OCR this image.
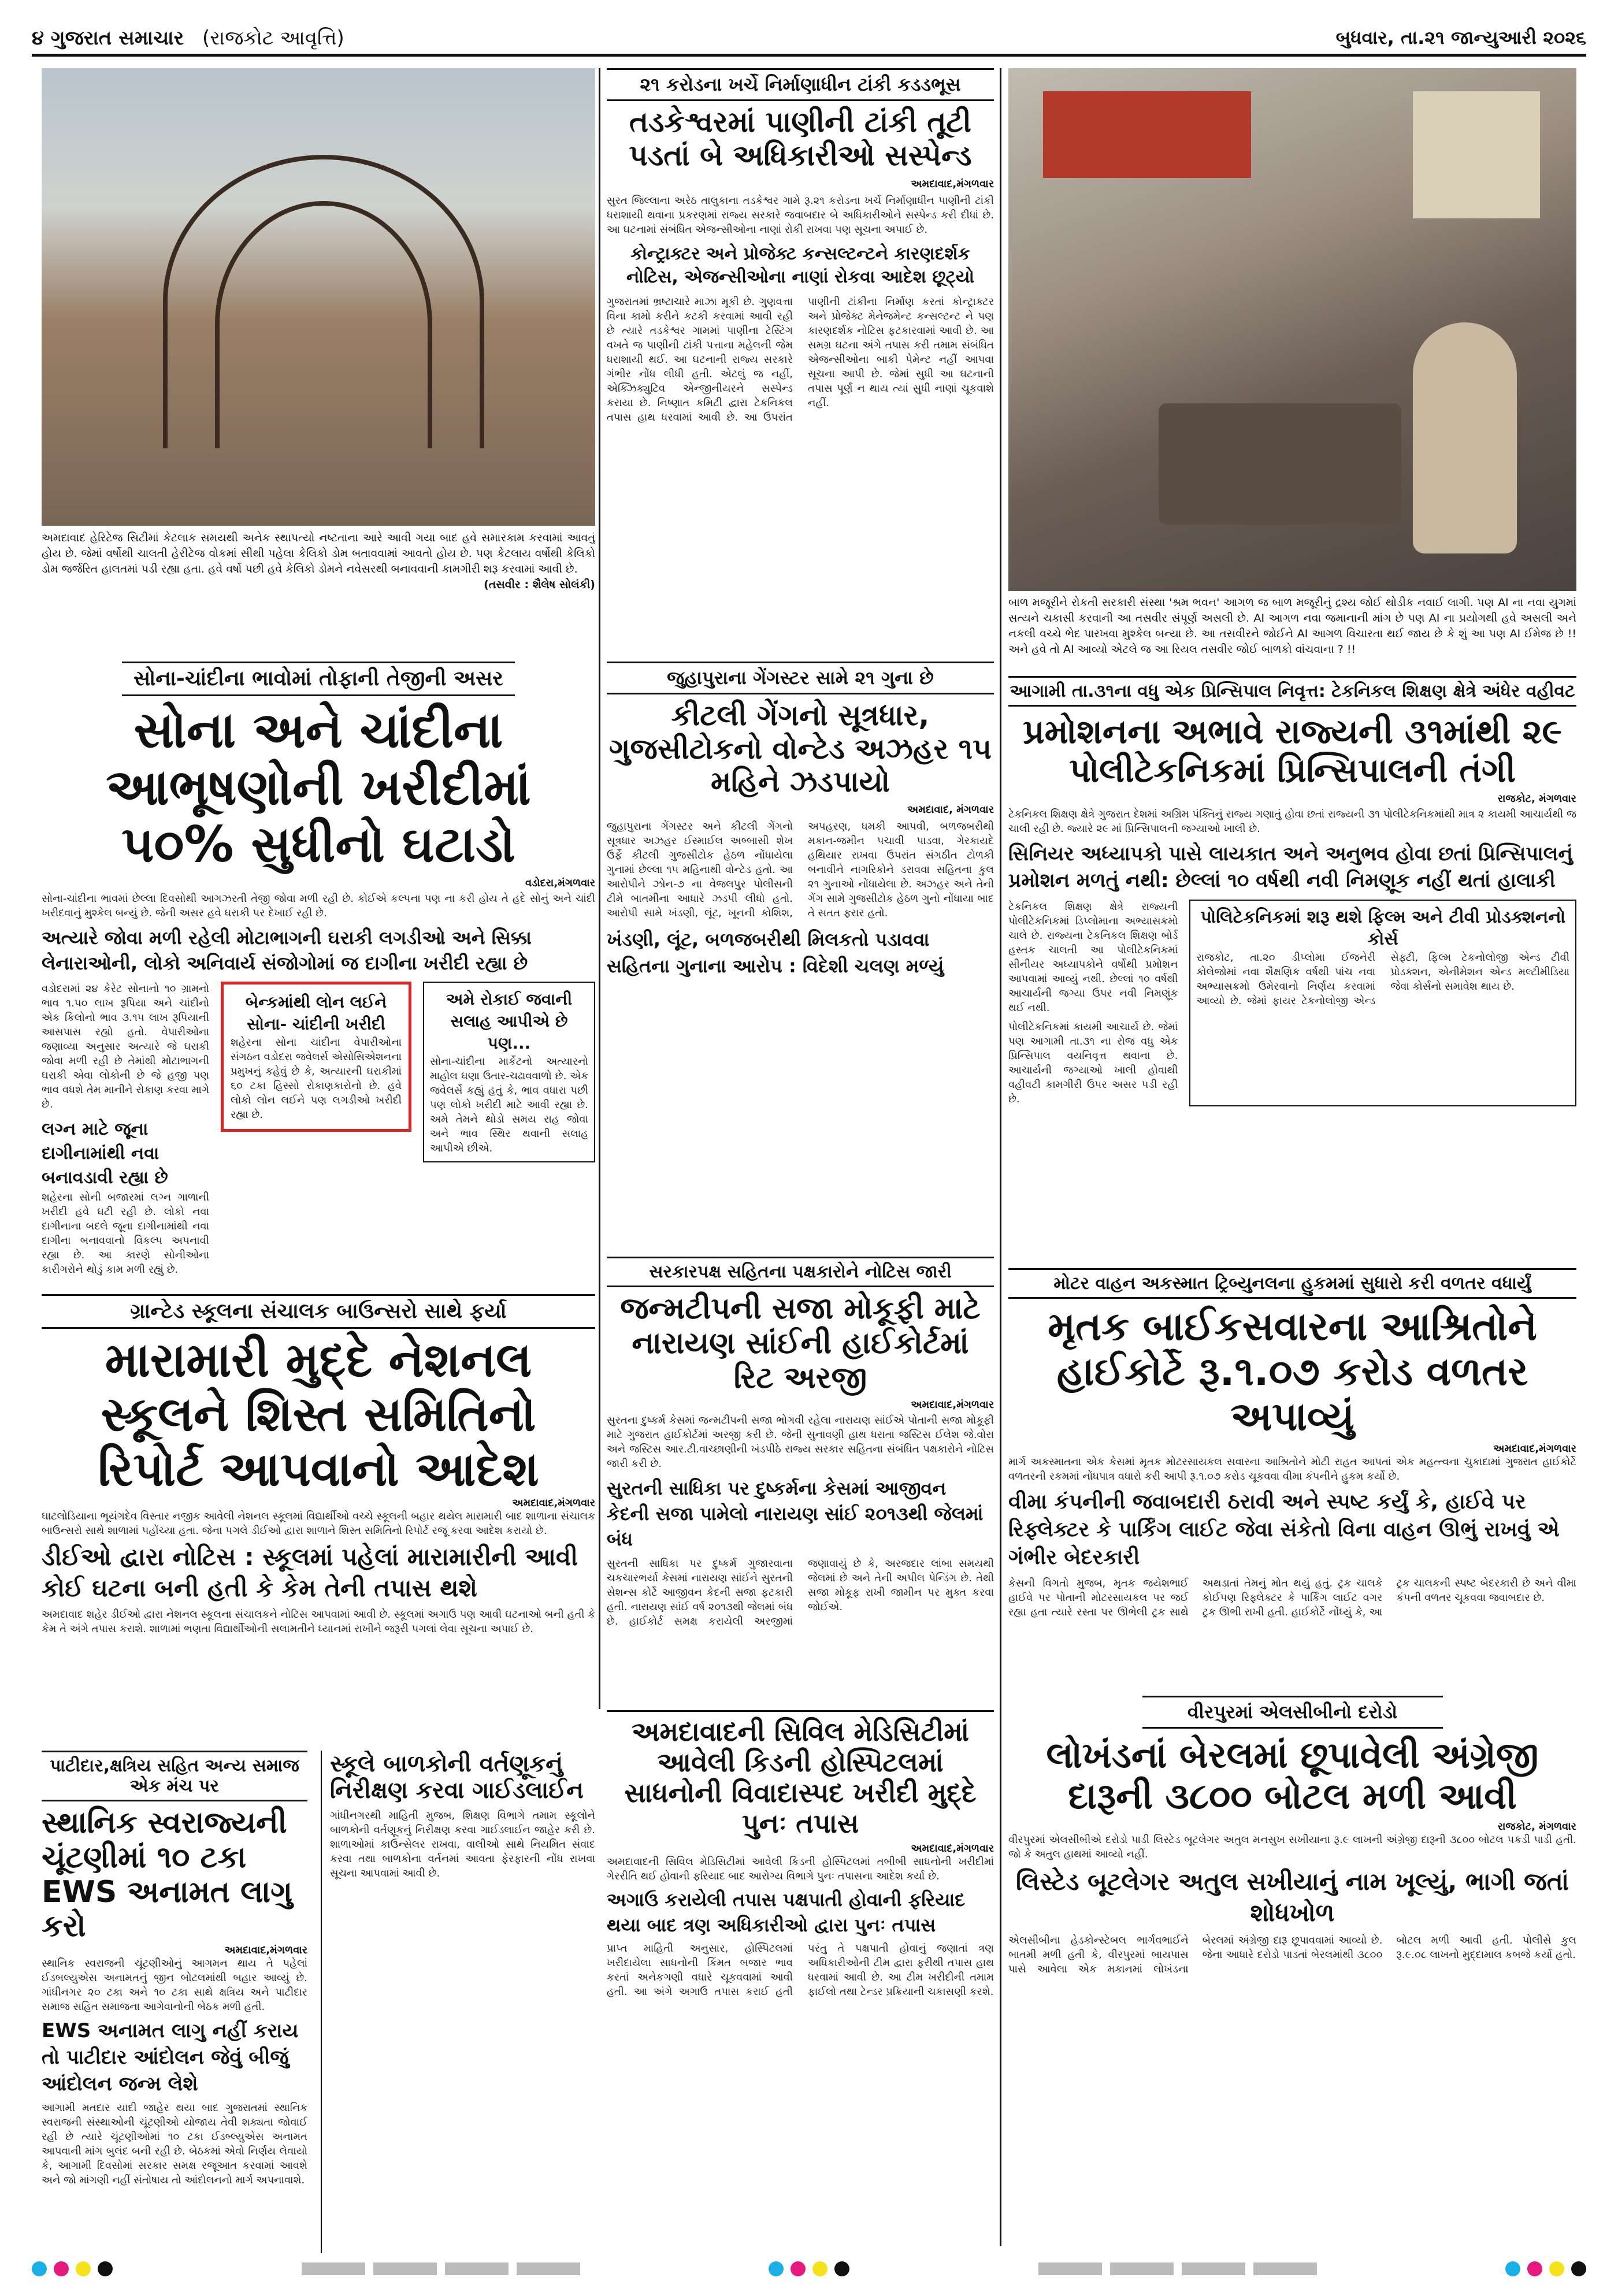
૪ ગુજરાત સમાચાર (રાજકોટ આવૃત્તિ)	બુધવાર, તા.૨૧ જાન્યુઆરી ૨૦૨૬
અમદાવાદ હેરિટેજ સિટીમાં કેટલાક સમયથી અનેક સ્થાપત્યો નષ્ટતાના આરે આવી ગયા બાદ હવે સમારકામ કરવામાં આવતું હોય છે. જેમાં વર્ષોથી ચાલતી હેરીટેજ વોકમાં સીથી પહેલા કેલિકો ડોમ બતાવવામાં આવતો હોય છે. પણ કેટલાય વર્ષોથી કેલિકો ડોમ જર્જરિત હાલતમાં પડી રહ્યા હતા. હવે વર્ષો પછી હવે કેલિકો ડોમને નવેસરથી બનાવવાની કામગીરી શરૂ કરવામાં આવી છે.
(તસવીર : શૈલેષ સોલંકી)
૨૧ કરોડના ખર્ચે નિર્માણાધીન ટાંકી કડડભૂસ
તડકેશ્વરમાં પાણીની ટાંકી તૂટી પડતાં બે અધિકારીઓ સસ્પેન્ડ
અમદાવાદ,મંગળવાર
સુરત જિલ્લાના અરેઠ તાલુકાના તડકેશ્વર ગામે રૂ.૨૧ કરોડના ખર્ચે નિર્માણાધીન પાણીની ટાંકી ધરાશાયી થવાના પ્રકરણમાં રાજ્ય સરકારે જવાબદાર બે અધિકારીઓને સસ્પેન્ડ કરી દીધાં છે. આ ઘટનામાં સંબંધિત એજન્સીઓના નાણાં રોકી રાખવા પણ સૂચના અપાઈ છે.
કોન્ટ્રાક્ટર અને પ્રોજેક્ટ કન્સલ્ટન્ટને કારણદર્શક નોટિસ, એજન્સીઓના નાણાં રોકવા આદેશ છૂટ્યો
ગુજરાતમાં ભ્રષ્ટાચારે માઝા મૂકી છે. ગુણવત્તા વિના કામો કરીને કટકી કરવામાં આવી રહી છે ત્યારે તડકેશ્વર ગામમાં પાણીના ટેસ્ટિંગ વખતે જ પાણીની ટાંકી પત્તાના મહેલની જેમ ધરાશાયી થઈ. આ ઘટનાની રાજ્ય સરકારે ગંભીર નોંધ લીધી હતી. એટલું જ નહીં, એક્ઝિક્યુટિવ એન્જીનીયરને સસ્પેન્ડ કરાયા છે. નિષ્ણાત કમિટી દ્વારા ટેકનિકલ તપાસ હાથ ધરવામાં આવી છે. આ ઉપરાંત પાણીની ટાંકીના નિર્માણ કરતાં કોન્ટ્રાક્ટર અને પ્રોજેક્ટ મેનેજમેન્ટ કન્સલ્ટન્ટ ને પણ કારણદર્શક નોટિસ ફટકારવામાં આવી છે. આ સમગ્ર ઘટના અંગે તપાસ કરી તમામ સંબંધિત એજન્સીઓના બાકી પેમેન્ટ નહીં આપવા સૂચના આપી છે. જેમાં સુધી આ ઘટનાની તપાસ પૂર્ણ ન થાય ત્યાં સુધી નાણાં ચૂકવાશે નહીં.
બાળ મજૂરીને રોકતી સરકારી સંસ્થા 'શ્રમ ભવન' આગળ જ બાળ મજૂરીનું દ્રશ્ય જોઈ થોડીક નવાઈ લાગી. પણ AI ના નવા યુગમાં સત્યને ચકાસી કરવાની આ તસવીર સંપૂર્ણ અસલી છે. AI આગળ નવા જમાનાની માંગ છે પણ AI ના પ્રયોગથી હવે અસલી અને નકલી વચ્ચે ભેદ પારખવા મુશ્કેલ બન્યા છે. આ તસવીરને જોઈને AI આગળ વિચારતા થઈ જાય છે કે શું આ પણ AI ઈમેજ છે !! અને હવે તો AI આવ્યો એટલે જ આ રિયલ તસવીર જોઈ બાળકો વાંચવાના ? !!
સોના-ચાંદીના ભાવોમાં તોફાની તેજીની અસર
સોના અને ચાંદીના આભૂષણોની ખરીદીમાં ૫૦% સુધીનો ઘટાડો
વડોદરા,મંગળવાર
સોના-ચાંદીના ભાવમાં છેલ્લા દિવસોથી આગઝરતી તેજી જોવા મળી રહી છે. કોઈએ કલ્પના પણ ના કરી હોય તે હદે સોનું અને ચાંદી ખરીદવાનું મુશ્કેલ બન્યું છે. જેની અસર હવે ઘરાકી પર દેખાઈ રહી છે.
અત્યારે જોવા મળી રહેલી મોટાભાગની ઘરાકી લગડીઓ અને સિક્કા લેનારાઓની, લોકો અનિવાર્ય સંજોગોમાં જ દાગીના ખરીદી રહ્યા છે
વડોદરામાં ૨૪ કેરેટ સોનાનો ૧૦ ગ્રામનો ભાવ ૧.૫૦ લાખ રૂપિયા અને ચાંદીનો એક કિલોનો ભાવ ૩.૧૫ લાખ રૂપિયાની આસપાસ રહ્યો હતો. વેપારીઓના જણાવ્યા અનુસાર અત્યારે જે ઘરાકી જોવા મળી રહી છે તેમાંથી મોટાભાગની ઘરાકી એવા લોકોની છે જે હજી પણ ભાવ વધશે તેમ માનીને રોકાણ કરવા માગે છે.
લગ્ન માટે જૂના દાગીનામાંથી નવા બનાવડાવી રહ્યા છે
શહેરના સોની બજારમાં લગ્ન ગાળાની ખરીદી હવે ઘટી રહી છે. લોકો નવા દાગીનાના બદલે જૂના દાગીનામાંથી નવા દાગીના બનાવવાનો વિકલ્પ અપનાવી રહ્યા છે. આ કારણે સોનીઓના કારીગરોને થોડું કામ મળી રહ્યું છે.
બેન્કમાંથી લોન લઈને સોના- ચાંદીની ખરીદી
શહેરના સોના ચાંદીના વેપારીઓના સંગઠન વડોદરા જવેલર્સ એસોસિએશનના પ્રમુખનું કહેવું છે કે, અત્યારની ઘરાકીમાં ૬૦ ટકા હિસ્સો રોકાણકારોનો છે. હવે લોકો લોન લઈને પણ લગડીઓ ખરીદી રહ્યા છે.
અમે રોકાઈ જવાની સલાહ આપીએ છે પણ...
સોના-ચાંદીના માર્કેટનો અત્યારનો માહોલ ઘણા ઉતાર-ચઢાવવાળો છે. એક જવેલર્સે કહ્યું હતું કે, ભાવ વધારા પછી પણ લોકો ખરીદી માટે આવી રહ્યા છે. અમે તેમને થોડો સમય રાહ જોવા અને ભાવ સ્થિર થવાની સલાહ આપીએ છીએ.
જુહાપુરાના ગેંગસ્ટર સામે ૨૧ ગુના છે
કીટલી ગેંગનો સૂત્રધાર, ગુજસીટોકનો વોન્ટેડ અઝહર ૧૫ મહિને ઝડપાયો
અમદાવાદ, મંગળવાર
જુહાપુરાના ગેંગસ્ટર અને કીટલી ગેંગનો સૂત્રધાર અઝહર ઈસ્માઈલ અબ્બાસી શેખ ઉર્ફે કીટલી ગુજસીટોક હેઠળ નોંધાયેલા ગુનામાં છેલ્લા ૧૫ મહિનાથી વોન્ટેડ હતો. આ આરોપીને ઝોન-૭ ના વેજલપુર પોલીસની ટીમે બાતમીના આધારે ઝડપી લીધો હતો. આરોપી સામે ખંડણી, લૂંટ, ખૂનની કોશિશ, અપહરણ, ધમકી આપવી, બળજબરીથી મકાન-જમીન પચાવી પાડવા, ગેરકાયદે હથિયાર રાખવા ઉપરાંત સંગઠીત ટોળકી બનાવીને નાગરિકોને ડરાવવા સહિતના કુલ ૨૧ ગુનાઓ નોંધાયેલા છે. અઝહર અને તેની ગેંગ સામે ગુજસીટોક હેઠળ ગુનો નોંધાયા બાદ તે સતત ફરાર હતો.
ખંડણી, લૂંટ, બળજબરીથી મિલકતો પડાવવા સહિતના ગુનાના આરોપ : વિદેશી ચલણ મળ્યું
આગામી તા.૩૧ના વધુ એક પ્રિન્સિપાલ નિવૃત્ત: ટેકનિકલ શિક્ષણ ક્ષેત્રે અંધેર વહીવટ
પ્રમોશનના અભાવે રાજ્યની ૩૧માંથી ૨૯ પોલીટેકનિકમાં પ્રિન્સિપાલની તંગી
રાજકોટ, મંગળવાર
ટેકનિકલ શિક્ષણ ક્ષેત્રે ગુજરાત દેશમાં અગ્રિમ પંક્તિનું રાજ્ય ગણાતું હોવા છતાં રાજ્યની ૩૧ પોલીટેકનિકમાંથી માત્ર ૨ કાયમી આચાર્યથી જ ચાલી રહી છે. જ્યારે ૨૯ માં પ્રિન્સિપાલની જગ્યાઓ ખાલી છે.
સિનિયર અધ્યાપકો પાસે લાયકાત અને અનુભવ હોવા છતાં પ્રિન્સિપાલનું પ્રમોશન મળતું નથી: છેલ્લાં ૧૦ વર્ષથી નવી નિમણૂક નહીં થતાં હાલાકી
ટેકનિકલ શિક્ષણ ક્ષેત્રે રાજ્યની પોલીટેકનિકમાં ડિપ્લોમાના અભ્યાસક્રમો ચાલે છે. રાજ્યના ટેકનિકલ શિક્ષણ બોર્ડ હસ્તક ચાલતી આ પોલીટેકનિકમાં સીનીયર અધ્યાપકોને વર્ષોથી પ્રમોશન આપવામાં આવ્યું નથી. છેલ્લાં ૧૦ વર્ષથી આચાર્યની જગ્યા ઉપર નવી નિમણૂંક થઈ નથી.
પોલીટેકનિકમાં કાયમી આચાર્ય છે. જેમાં પણ આગામી તા.૩૧ ના રોજ વધુ એક પ્રિન્સિપાલ વયનિવૃત્ત થવાના છે. આચાર્યની જગ્યાઓ ખાલી હોવાથી વહીવટી કામગીરી ઉપર અસર પડી રહી છે.
પોલિટેકનિકમાં શરૂ થશે ફિલ્મ અને ટીવી પ્રોડક્શનનો કોર્સ
રાજકોટ, તા.૨૦ ડીપ્લોમા ઈજનેરી કોલેજોમાં નવા શૈક્ષણિક વર્ષથી પાંચ નવા અભ્યાસક્રમો ઉમેરવાનો નિર્ણય કરવામાં આવ્યો છે. જેમાં ફાયર ટેકનોલોજી એન્ડ સેફ્ટી, ફિલ્મ ટેકનોલોજી એન્ડ ટીવી પ્રોડક્શન, એનીમેશન એન્ડ મલ્ટીમીડિયા જેવા કોર્સનો સમાવેશ થાય છે.
સરકારપક્ષ સહિતના પક્ષકારોને નોટિસ જારી
જન્મટીપની સજા મોકૂફી માટે નારાયણ સાંઈની હાઈકોર્ટમાં રિટ અરજી
અમદાવાદ,મંગળવાર
સુરતના દુષ્કર્મ કેસમાં જન્મટીપની સજા ભોગવી રહેલા નારાયણ સાંઈએ પોતાની સજા મોકૂફી માટે ગુજરાત હાઈકોર્ટમાં અરજી કરી છે. જેની સુનાવણી હાથ ધરાતા જસ્ટિસ ઈલેશ જે.વોરા અને જસ્ટિસ આર.ટી.વાચ્છાણીની ખંડપીઠે રાજ્ય સરકાર સહિતના સંબંધિત પક્ષકારોને નોટિસ જારી કરી છે.
સુરતની સાધિકા પર દુષ્કર્મના કેસમાં આજીવન કેદની સજા પામેલો નારાયણ સાંઈ ૨૦૧૩થી જેલમાં બંધ
સુરતની સાધિકા પર દુષ્કર્મ ગુજારવાના ચકચારભર્યા કેસમાં નારાયણ સાંઈને સુરતની સેશન્સ કોર્ટે આજીવન કેદની સજા ફટકારી હતી. નારાયણ સાંઈ વર્ષ ૨૦૧૩થી જેલમાં બંધ છે. હાઈકોર્ટ સમક્ષ કરાયેલી અરજીમાં જણાવાયું છે કે, અરજદાર લાંબા સમયથી જેલમાં છે અને તેની અપીલ પેન્ડિંગ છે. તેથી સજા મોકૂફ રાખી જામીન પર મુક્ત કરવા જોઈએ.
ગ્રાન્ટેડ સ્કૂલના સંચાલક બાઉન્સરો સાથે ફર્યા
મારામારી મુદ્દે નેશનલ સ્કૂલને શિસ્ત સમિતિનો રિપોર્ટ આપવાનો આદેશ
અમદાવાદ,મંગળવાર
ઘાટલોડિયાના ભૂયંગદેવ વિસ્તાર નજીક આવેલી નેશનલ સ્કૂલમાં વિદ્યાર્થીઓ વચ્ચે સ્કૂલની બહાર થયેલ મારામારી બાદ શાળાના સંચાલક બાઉન્સરો સાથે શાળામાં પહોંચ્યા હતા. જેના પગલે ડીઈઓ દ્વારા શાળાને શિસ્ત સમિતિનો રિપોર્ટ રજૂ કરવા આદેશ કરાયો છે.
ડીઈઓ દ્વારા નોટિસ : સ્કૂલમાં પહેલાં મારામારીની આવી કોઈ ઘટના બની હતી કે કેમ તેની તપાસ થશે
અમદાવાદ શહેર ડીઈઓ દ્વારા નેશનલ સ્કૂલના સંચાલકને નોટિસ આપવામાં આવી છે. સ્કૂલમાં અગાઉ પણ આવી ઘટનાઓ બની હતી કે કેમ તે અંગે તપાસ કરાશે. શાળામાં ભણતા વિદ્યાર્થીઓની સલામતીને ધ્યાનમાં રાખીને જરૂરી પગલાં લેવા સૂચના અપાઈ છે.
પાટીદાર,ક્ષત્રિય સહિત અન્ય સમાજ એક મંચ પર
સ્થાનિક સ્વરાજ્યની ચૂંટણીમાં ૧૦ ટકા EWS અનામત લાગુ કરો
અમદાવાદ,મંગળવાર
સ્થાનિક સ્વરાજની ચૂંટણીઓનું આગમન થાય તે પહેલાં ઈડબલ્યુએસ અનામતનું જીન બોટલમાંથી બહાર આવ્યું છે. ગાંધીનગર ૨૦ ટકા અને ૧૦ ટકા સાથે ક્ષત્રિય અને પાટીદાર સમાજ સહિત સમાજના આગેવાનોની બેઠક મળી હતી.
EWS અનામત લાગુ નહીં કરાય તો પાટીદાર આંદોલન જેવું બીજું આંદોલન જન્મ લેશે
આગામી મતદાર યાદી જાહેર થયા બાદ ગુજરાતમાં સ્થાનિક સ્વરાજની સંસ્થાઓની ચૂંટણીઓ યોજાય તેવી શક્યતા જોવાઈ રહી છે ત્યારે ચૂંટણીઓમાં ૧૦ ટકા ઈડબ્લ્યુએસ અનામત આપવાની માંગ બુલંદ બની રહી છે. બેઠકમાં એવો નિર્ણય લેવાયો કે, આગામી દિવસોમાં સરકાર સમક્ષ રજૂઆત કરવામાં આવશે અને જો માંગણી નહીં સંતોષાય તો આંદોલનનો માર્ગ અપનાવાશે.
સ્કૂલે બાળકોની વર્તણૂકનું નિરીક્ષણ કરવા ગાઈડલાઈન
ગાંધીનગરથી માહિતી મુજબ, શિક્ષણ વિભાગે તમામ સ્કૂલોને બાળકોની વર્તણૂકનું નિરીક્ષણ કરવા ગાઈડલાઈન જાહેર કરી છે. શાળાઓમાં કાઉન્સેલર રાખવા, વાલીઓ સાથે નિયમિત સંવાદ કરવા તથા બાળકોના વર્તનમાં આવતા ફેરફારની નોંધ રાખવા સૂચના આપવામાં આવી છે.
અમદાવાદની સિવિલ મેડિસિટીમાં આવેલી કિડની હોસ્પિટલમાં સાધનોની વિવાદાસ્પદ ખરીદી મુદ્દે પુનઃ તપાસ
અમદાવાદ,મંગળવાર
અમદાવાદની સિવિલ મેડિસિટીમાં આવેલી કિડની હોસ્પિટલમાં તબીબી સાધનોની ખરીદીમાં ગેરરીતિ થઈ હોવાની ફરિયાદ બાદ આરોગ્ય વિભાગે પુનઃ તપાસના આદેશ કર્યા છે.
અગાઉ કરાયેલી તપાસ પક્ષપાતી હોવાની ફરિયાદ થયા બાદ ત્રણ અધિકારીઓ દ્વારા પુનઃ તપાસ
પ્રાપ્ત માહિતી અનુસાર, હોસ્પિટલમાં ખરીદાયેલા સાધનોની કિંમત બજાર ભાવ કરતાં અનેકગણી વધારે ચૂકવવામાં આવી હતી. આ અંગે અગાઉ તપાસ કરાઈ હતી પરંતુ તે પક્ષપાતી હોવાનું જણાતાં ત્રણ અધિકારીઓની ટીમ દ્વારા ફરીથી તપાસ હાથ ધરવામાં આવી છે. આ ટીમ ખરીદીની તમામ ફાઈલો તથા ટેન્ડર પ્રક્રિયાની ચકાસણી કરશે.
મોટર વાહન અકસ્માત ટ્રિબ્યુનલના હુકમમાં સુધારો કરી વળતર વધાર્યું
મૃતક બાઈકસવારના આશ્રિતોને હાઈકોર્ટે રૂ.૧.૦૭ કરોડ વળતર અપાવ્યું
અમદાવાદ,મંગળવાર
માર્ગ અકસ્માતના એક કેસમાં મૃતક મોટરસાયકલ સવારના આશ્રિતોને મોટી રાહત આપતાં એક મહત્ત્વના ચુકાદામાં ગુજરાત હાઈકોર્ટે વળતરની રકમમાં નોંધપાત્ર વધારો કરી આપી રૂ.૧.૦૭ કરોડ ચૂકવવા વીમા કંપનીને હુકમ કર્યો છે.
વીમા કંપનીની જવાબદારી ઠરાવી અને સ્પષ્ટ કર્યું કે, હાઈવે પર રિફ્લેક્ટર કે પાર્કિંગ લાઈટ જેવા સંકેતો વિના વાહન ઊભું રાખવું એ ગંભીર બેદરકારી
કેસની વિગતો મુજબ, મૃતક જયેશભાઈ હાઈવે પર પોતાની મોટરસાયકલ પર જઈ રહ્યા હતા ત્યારે રસ્તા પર ઊભેલી ટ્રક સાથે અથડાતાં તેમનું મોત થયું હતું. ટ્રક ચાલકે કોઈપણ રિફ્લેક્ટર કે પાર્કિંગ લાઈટ વગર ટ્રક ઊભી રાખી હતી. હાઈકોર્ટે નોંધ્યું કે, આ ટ્રક ચાલકની સ્પષ્ટ બેદરકારી છે અને વીમા કંપની વળતર ચૂકવવા જવાબદાર છે.
વીરપુરમાં એલસીબીનો દરોડો
લોખંડનાં બેરલમાં છૂપાવેલી અંગ્રેજી દારૂની ૩૮૦૦ બોટલ મળી આવી
રાજકોટ, મંગળવાર
વીરપુરમાં એલસીબીએ દરોડો પાડી લિસ્ટેડ બૂટલેગર અતુલ મનસુખ સખીયાના રૂ.૯ લાખની અંગ્રેજી દારૂની ૩૮૦૦ બોટલ પકડી પાડી હતી. જો કે અતુલ હાથમાં આવ્યો નહીં.
લિસ્ટેડ બૂટલેગર અતુલ સખીયાનું નામ ખૂલ્યું, ભાગી જતાં શોધખોળ
એલસીબીના હેડકોન્સ્ટેબલ ભાર્ગવભાઈને બાતમી મળી હતી કે, વીરપુરમાં બાયપાસ પાસે આવેલા એક મકાનમાં લોખંડના બેરલમાં અંગ્રેજી દારૂ છૂપાવવામાં આવ્યો છે. જેના આધારે દરોડો પાડતાં બેરલમાંથી ૩૮૦૦ બોટલ મળી આવી હતી. પોલીસે કુલ રૂ.૯.૦૮ લાખનો મુદ્દામાલ કબજે કર્યો હતો.
